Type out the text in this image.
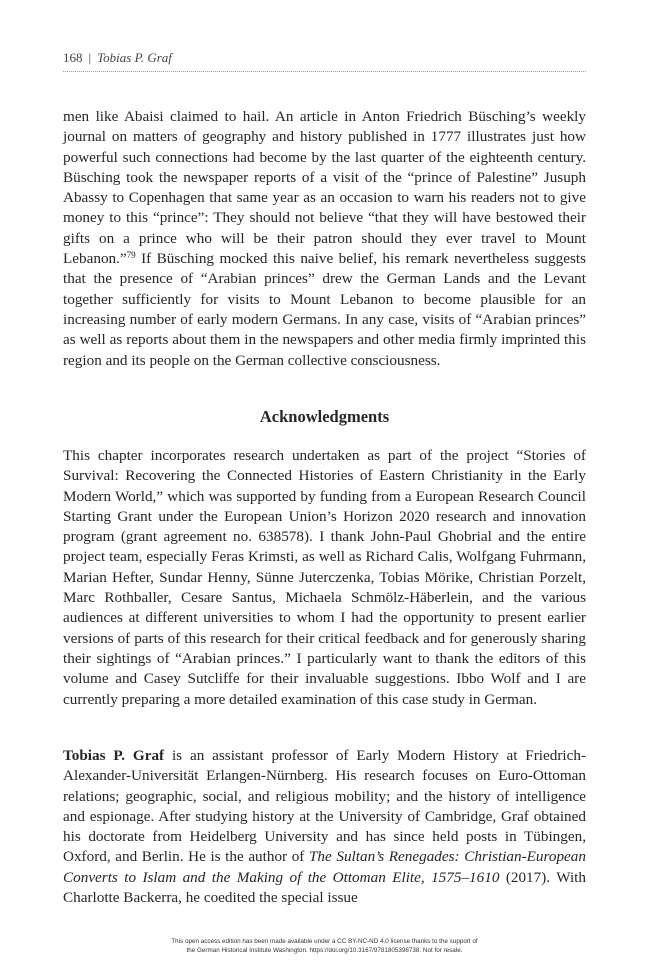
168 | Tobias P. Graf

men like Abaisi claimed to hail. An article in Anton Friedrich Büsching’s weekly journal on matters of geography and history published in 1777 illustrates just how powerful such connections had become by the last quarter of the eighteenth century. Büsching took the newspaper reports of a visit of the “prince of Palestine” Jusuph Abassy to Copenhagen that same year as an occasion to warn his readers not to give money to this “prince”: They should not believe “that they will have bestowed their gifts on a prince who will be their patron should they ever travel to Mount Lebanon.”$^{79}$ If Büsching mocked this naive belief, his remark nevertheless suggests that the presence of “Arabian princes” drew the German Lands and the Levant together sufficiently for visits to Mount Lebanon to become plausible for an increasing number of early modern Germans. In any case, visits of “Arabian princes” as well as reports about them in the newspapers and other media firmly imprinted this region and its people on the German collective consciousness.

Acknowledgments

This chapter incorporates research undertaken as part of the project “Stories of Survival: Recovering the Connected Histories of Eastern Christianity in the Early Modern World,” which was supported by funding from a European Research Council Starting Grant under the European Union’s Horizon 2020 research and innovation program (grant agreement no. 638578). I thank John-Paul Ghobrial and the entire project team, especially Feras Krimsti, as well as Richard Calis, Wolfgang Fuhrmann, Marian Hefter, Sundar Henny, Sünne Juterczenka, Tobias Mörike, Christian Porzelt, Marc Rothballer, Cesare Santus, Michaela Schmölz-Häberlein, and the various audiences at different universities to whom I had the opportunity to present earlier versions of parts of this research for their critical feedback and for generously sharing their sightings of “Arabian princes.” I particularly want to thank the editors of this volume and Casey Sutcliffe for their invaluable suggestions. Ibbo Wolf and I are currently preparing a more detailed examination of this case study in German.

Tobias P. Graf is an assistant professor of Early Modern History at Friedrich-Alexander-Universität Erlangen-Nürnberg. His research focuses on Euro-Ottoman relations; geographic, social, and religious mobility; and the history of intelligence and espionage. After studying history at the University of Cambridge, Graf obtained his doctorate from Heidelberg University and has since held posts in Tübingen, Oxford, and Berlin. He is the author of The Sultan’s Renegades: Christian-European Converts to Islam and the Making of the Ottoman Elite, 1575–1610 (2017). With Charlotte Backerra, he coedited the special issue

This open access edition has been made available under a CC BY-NC-ND 4.0 license thanks to the support of
the German Historical Institute Washington. https://doi.org/10.3167/9781805398738. Not for resale.
